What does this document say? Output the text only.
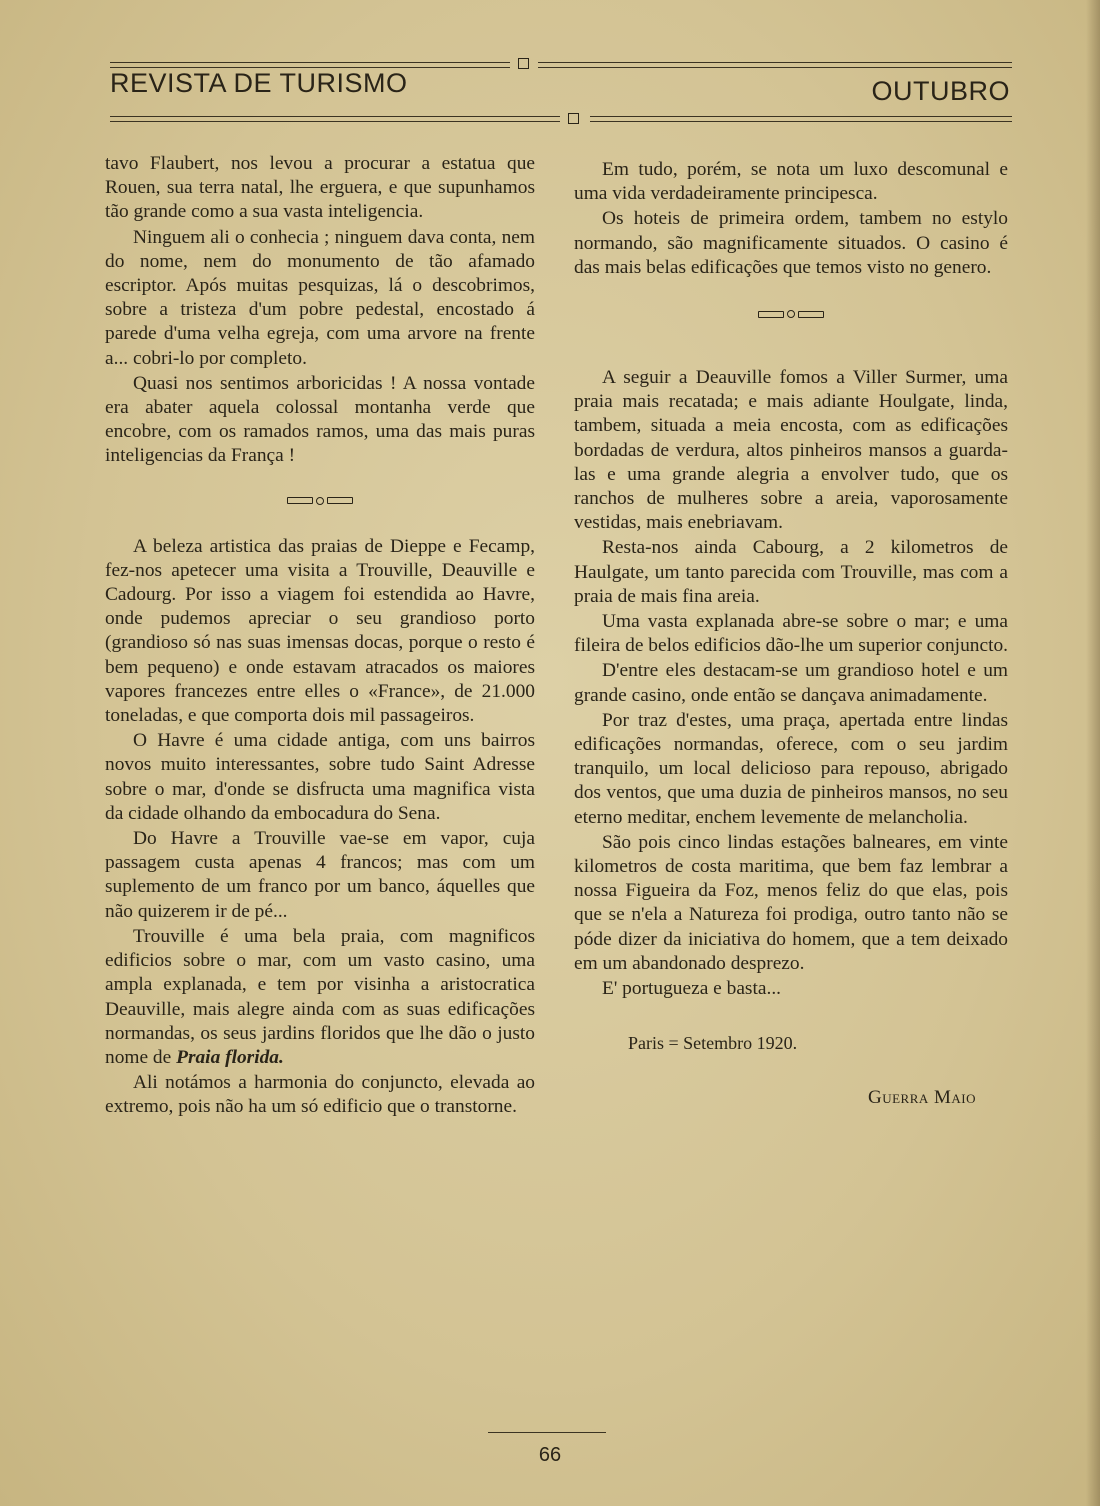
REVISTA DE TURISMO	OUTUBRO

tavo Flaubert, nos levou a procurar a estatua que Rouen, sua terra natal, lhe erguera, e que supunhamos tão grande como a sua vasta inteligencia.

Ninguem ali o conhecia ; ninguem dava conta, nem do nome, nem do monumento de tão afamado escriptor. Após muitas pesquizas, lá o descobrimos, sobre a tristeza d'um pobre pedestal, encostado á parede d'uma velha egreja, com uma arvore na frente a... cobri-lo por completo.

Quasi nos sentimos arboricidas ! A nossa vontade era abater aquela colossal montanha verde que encobre, com os ramados ramos, uma das mais puras inteligencias da França !

A beleza artistica das praias de Dieppe e Fecamp, fez-nos apetecer uma visita a Trouville, Deauville e Cadourg. Por isso a viagem foi estendida ao Havre, onde pudemos apreciar o seu grandioso porto (grandioso só nas suas imensas docas, porque o resto é bem pequeno) e onde estavam atracados os maiores vapores francezes entre elles o «France», de 21.000 toneladas, e que comporta dois mil passageiros.

O Havre é uma cidade antiga, com uns bairros novos muito interessantes, sobre tudo Saint Adresse sobre o mar, d'onde se disfructa uma magnifica vista da cidade olhando da embocadura do Sena.

Do Havre a Trouville vae-se em vapor, cuja passagem custa apenas 4 francos; mas com um suplemento de um franco por um banco, áquelles que não quizerem ir de pé...

Trouville é uma bela praia, com magnificos edificios sobre o mar, com um vasto casino, uma ampla explanada, e tem por visinha a aristocratica Deauville, mais alegre ainda com as suas edificações normandas, os seus jardins floridos que lhe dão o justo nome de Praia florida.

Ali notámos a harmonia do conjuncto, elevada ao extremo, pois não ha um só edificio que o transtorne.

Em tudo, porém, se nota um luxo descomunal e uma vida verdadeiramente principesca.

Os hoteis de primeira ordem, tambem no estylo normando, são magnificamente situados. O casino é das mais belas edificações que temos visto no genero.

A seguir a Deauville fomos a Viller Surmer, uma praia mais recatada; e mais adiante Houlgate, linda, tambem, situada a meia encosta, com as edificações bordadas de verdura, altos pinheiros mansos a guarda-las e uma grande alegria a envolver tudo, que os ranchos de mulheres sobre a areia, vaporosamente vestidas, mais enebriavam.

Resta-nos ainda Cabourg, a 2 kilometros de Haulgate, um tanto parecida com Trouville, mas com a praia de mais fina areia.

Uma vasta explanada abre-se sobre o mar; e uma fileira de belos edificios dão-lhe um superior conjuncto.

D'entre eles destacam-se um grandioso hotel e um grande casino, onde então se dançava animadamente.

Por traz d'estes, uma praça, apertada entre lindas edificações normandas, oferece, com o seu jardim tranquilo, um local delicioso para repouso, abrigado dos ventos, que uma duzia de pinheiros mansos, no seu eterno meditar, enchem levemente de melancholia.

São pois cinco lindas estações balneares, em vinte kilometros de costa maritima, que bem faz lembrar a nossa Figueira da Foz, menos feliz do que elas, pois que se n'ela a Natureza foi prodiga, outro tanto não se póde dizer da iniciativa do homem, que a tem deixado em um abandonado desprezo.

E' portugueza e basta...

Paris = Setembro 1920.

Guerra Maio
66
